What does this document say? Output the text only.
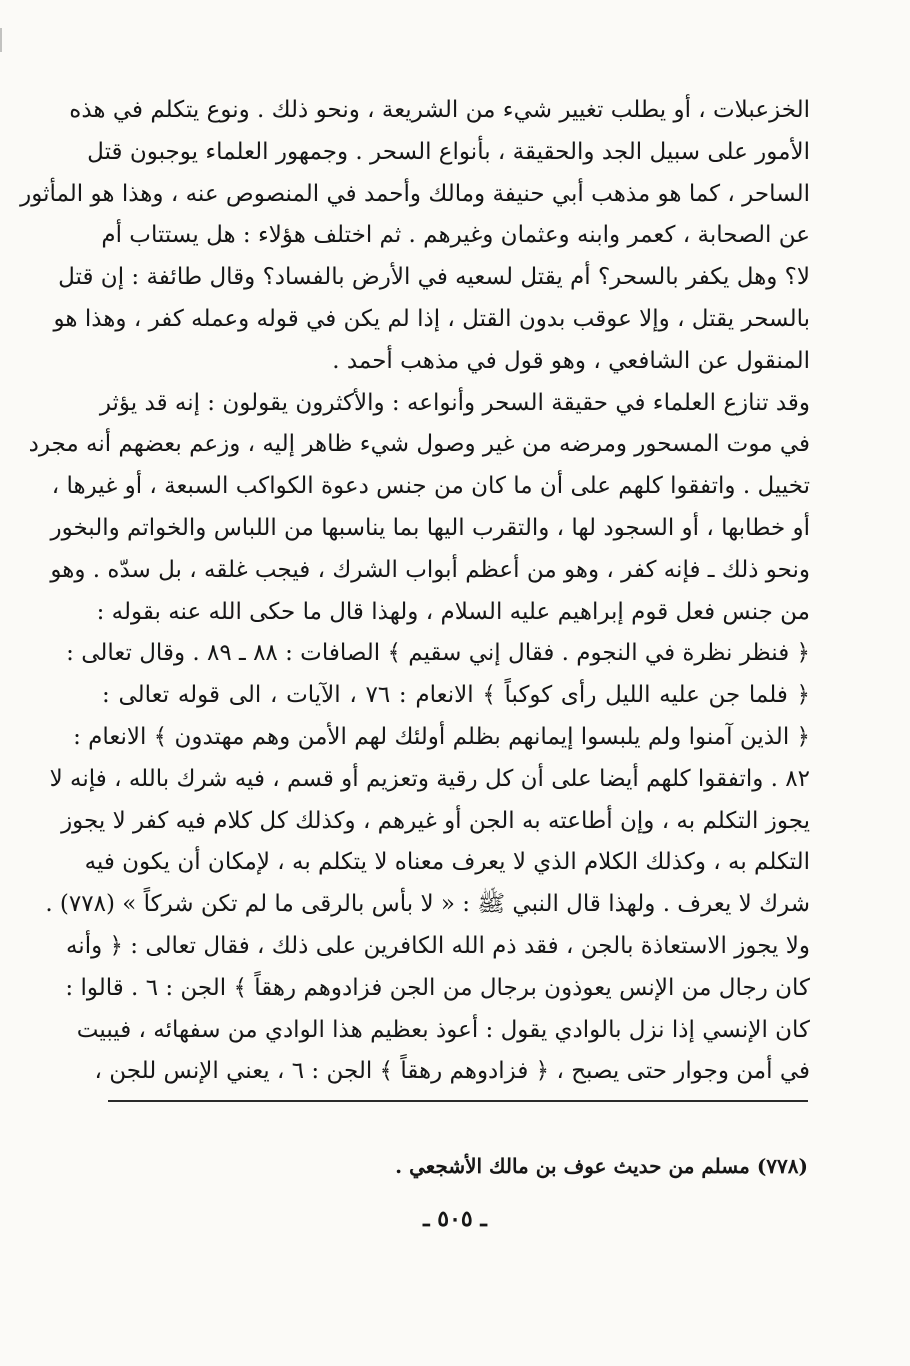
الخزعبلات ، أو يطلب تغيير شيء من الشريعة ، ونحو ذلك . ونوع يتكلم في هذه
الأمور على سبيل الجد والحقيقة ، بأنواع السحر . وجمهور العلماء يوجبون قتل
الساحر ، كما هو مذهب أبي حنيفة ومالك وأحمد في المنصوص عنه ، وهذا هو المأثور
عن الصحابة ، كعمر وابنه وعثمان وغيرهم . ثم اختلف هؤلاء : هل يستتاب أم
لا؟ وهل يكفر بالسحر؟ أم يقتل لسعيه في الأرض بالفساد؟ وقال طائفة : إن قتل
بالسحر يقتل ، وإلا عوقب بدون القتل ، إذا لم يكن في قوله وعمله كفر ، وهذا هو
المنقول عن الشافعي ، وهو قول في مذهب أحمد .
وقد تنازع العلماء في حقيقة السحر وأنواعه : والأكثرون يقولون : إنه قد يؤثر
في موت المسحور ومرضه من غير وصول شيء ظاهر إليه ، وزعم بعضهم أنه مجرد
تخييل . واتفقوا كلهم على أن ما كان من جنس دعوة الكواكب السبعة ، أو غيرها ،
أو خطابها ، أو السجود لها ، والتقرب اليها بما يناسبها من اللباس والخواتم والبخور
ونحو ذلك ـ فإنه كفر ، وهو من أعظم أبواب الشرك ، فيجب غلقه ، بل سدّه . وهو
من جنس فعل قوم إبراهيم عليه السلام ، ولهذا قال ما حكى الله عنه بقوله :
﴿ فنظر نظرة في النجوم . فقال إني سقيم ﴾ الصافات : ٨٨ ـ ٨٩ . وقال تعالى :
﴿ فلما جن عليه الليل رأى كوكباً ﴾ الانعام : ٧٦ ، الآيات ، الى قوله تعالى :
﴿ الذين آمنوا ولم يلبسوا إيمانهم بظلم أولئك لهم الأمن وهم مهتدون ﴾ الانعام :
٨٢ . واتفقوا كلهم أيضا على أن كل رقية وتعزيم أو قسم ، فيه شرك بالله ، فإنه لا
يجوز التكلم به ، وإن أطاعته به الجن أو غيرهم ، وكذلك كل كلام فيه كفر لا يجوز
التكلم به ، وكذلك الكلام الذي لا يعرف معناه لا يتكلم به ، لإمكان أن يكون فيه
شرك لا يعرف . ولهذا قال النبي ﷺ : « لا بأس بالرقى ما لم تكن شركاً » (٧٧٨) .
ولا يجوز الاستعاذة بالجن ، فقد ذم الله الكافرين على ذلك ، فقال تعالى : ﴿ وأنه
كان رجال من الإنس يعوذون برجال من الجن فزادوهم رهقاً ﴾ الجن : ٦ . قالوا :
كان الإنسي إذا نزل بالوادي يقول : أعوذ بعظيم هذا الوادي من سفهائه ، فيبيت
في أمن وجوار حتى يصبح ، ﴿ فزادوهم رهقاً ﴾ الجن : ٦ ، يعني الإنس للجن ،
(٧٧٨) مسلم من حديث عوف بن مالك الأشجعي .
ـ ٥٠٥ ـ
